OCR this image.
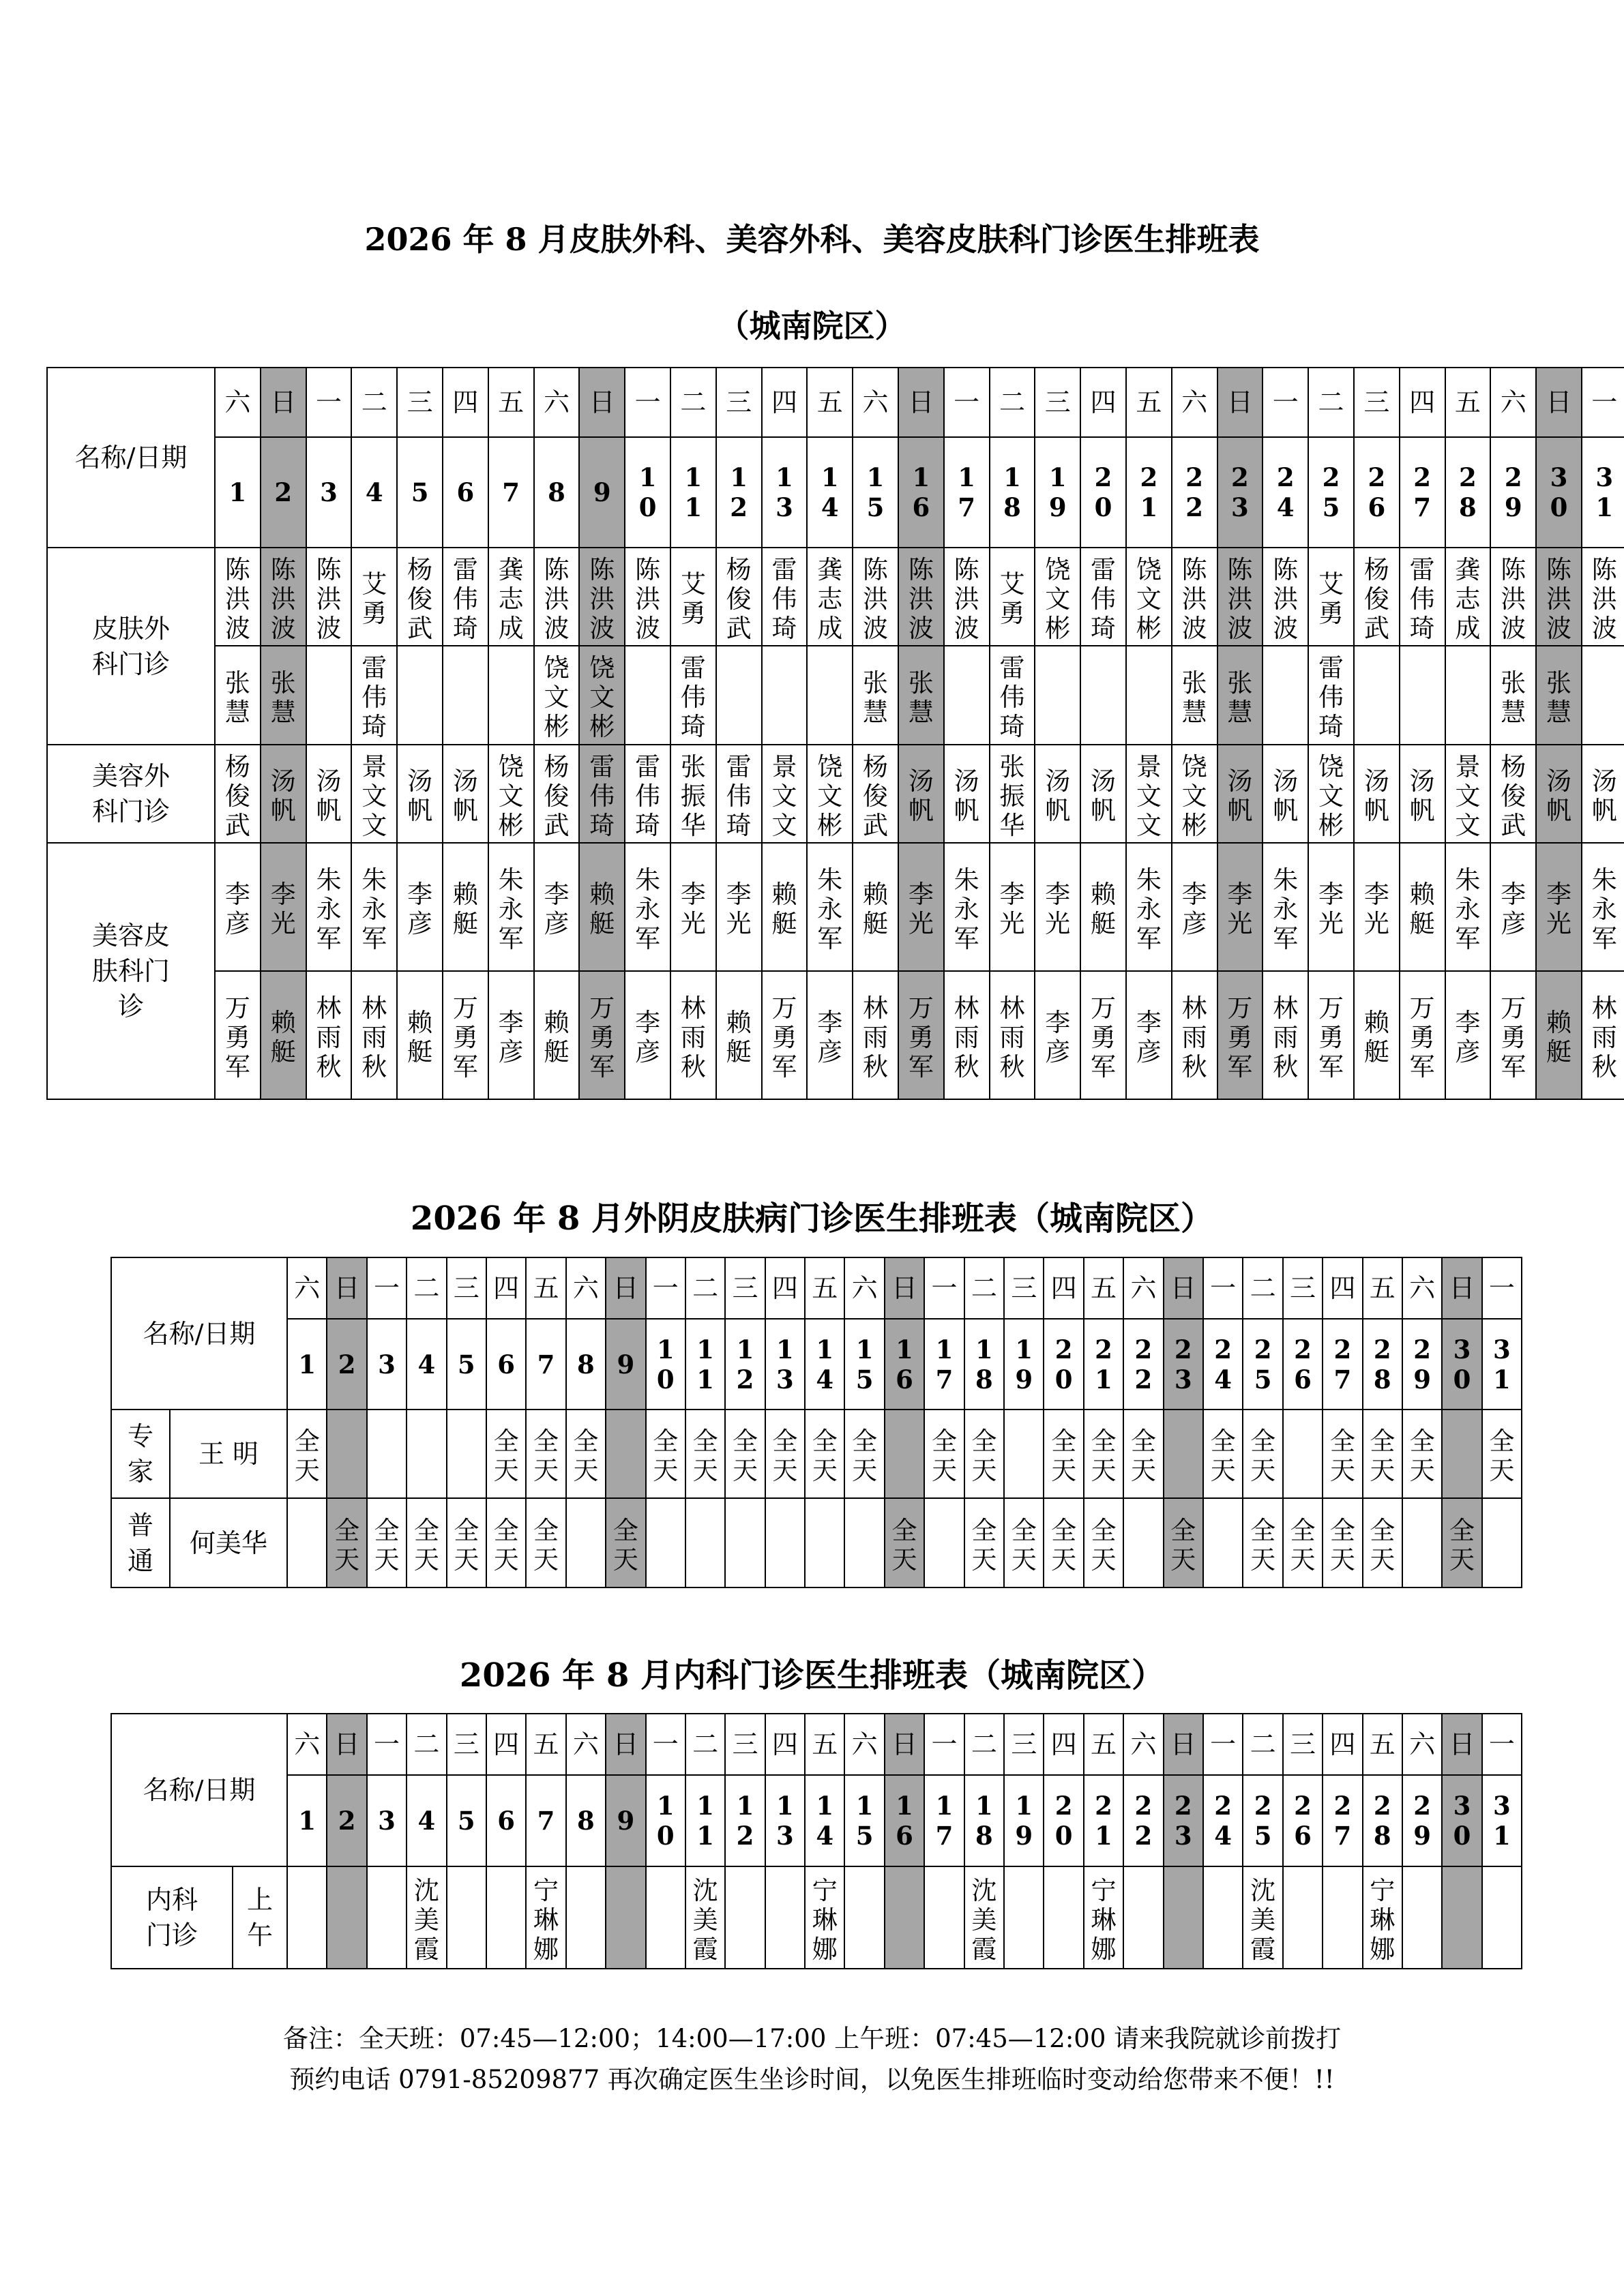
2026 年 8 月皮肤外科、美容外科、美容皮肤科门诊医生排班表
（城南院区）
名称/日期	六	日	一	二	三	四	五	六	日	一	二	三	四	五	六	日	一	二	三	四	五	六	日	一	二	三	四	五	六	日	一
	1	2	3	4	5	6	7	8	9	10	11	12	13	14	15	16	17	18	19	20	21	22	23	24	25	26	27	28	29	30	31
皮肤外科门诊	陈洪波	陈洪波	陈洪波	艾勇	杨俊武	雷伟琦	龚志成	陈洪波	陈洪波	陈洪波	艾勇	杨俊武	雷伟琦	龚志成	陈洪波	陈洪波	陈洪波	艾勇	饶文彬	雷伟琦	饶文彬	陈洪波	陈洪波	陈洪波	艾勇	杨俊武	雷伟琦	龚志成	陈洪波	陈洪波	陈洪波
	张慧	张慧		雷伟琦				饶文彬	饶文彬		雷伟琦				张慧	张慧		雷伟琦				张慧	张慧		雷伟琦				张慧	张慧	
美容外科门诊	杨俊武	汤帆	汤帆	景文文	汤帆	汤帆	饶文彬	杨俊武	雷伟琦	雷伟琦	张振华	雷伟琦	景文文	饶文彬	杨俊武	汤帆	汤帆	张振华	汤帆	汤帆	景文文	饶文彬	汤帆	汤帆	饶文彬	汤帆	汤帆	景文文	杨俊武	汤帆	汤帆
美容皮肤科门诊	李彦	李光	朱永军	朱永军	李彦	赖艇	朱永军	李彦	赖艇	朱永军	李光	李光	赖艇	朱永军	赖艇	李光	朱永军	李光	李光	赖艇	朱永军	李彦	李光	朱永军	李光	李光	赖艇	朱永军	李彦	李光	朱永军
	万勇军	赖艇	林雨秋	林雨秋	赖艇	万勇军	李彦	赖艇	万勇军	李彦	林雨秋	赖艇	万勇军	李彦	林雨秋	万勇军	林雨秋	林雨秋	李彦	万勇军	李彦	林雨秋	万勇军	林雨秋	万勇军	赖艇	万勇军	李彦	万勇军	赖艇	林雨秋
2026 年 8 月外阴皮肤病门诊医生排班表（城南院区）
名称/日期		六	日	一	二	三	四	五	六	日	一	二	三	四	五	六	日	一	二	三	四	五	六	日	一	二	三	四	五	六	日	一
		1	2	3	4	5	6	7	8	9	10	11	12	13	14	15	16	17	18	19	20	21	22	23	24	25	26	27	28	29	30	31
专家	王 明	全天					全天	全天	全天		全天	全天	全天	全天	全天	全天		全天	全天		全天	全天	全天		全天	全天		全天	全天	全天		全天
普通	何美华		全天	全天	全天	全天	全天	全天		全天							全天		全天	全天	全天	全天		全天		全天	全天	全天	全天		全天	
2026 年 8 月内科门诊医生排班表（城南院区）
名称/日期		六	日	一	二	三	四	五	六	日	一	二	三	四	五	六	日	一	二	三	四	五	六	日	一	二	三	四	五	六	日	一
		1	2	3	4	5	6	7	8	9	10	11	12	13	14	15	16	17	18	19	20	21	22	23	24	25	26	27	28	29	30	31
内科门诊	上午				沈美霞			宁琳娜				沈美霞			宁琳娜				沈美霞			宁琳娜				沈美霞			宁琳娜			
备注：全天班：07:45—12:00；14:00—17:00 上午班：07:45—12:00 请来我院就诊前拨打
预约电话 0791-85209877 再次确定医生坐诊时间，以免医生排班临时变动给您带来不便！!!
